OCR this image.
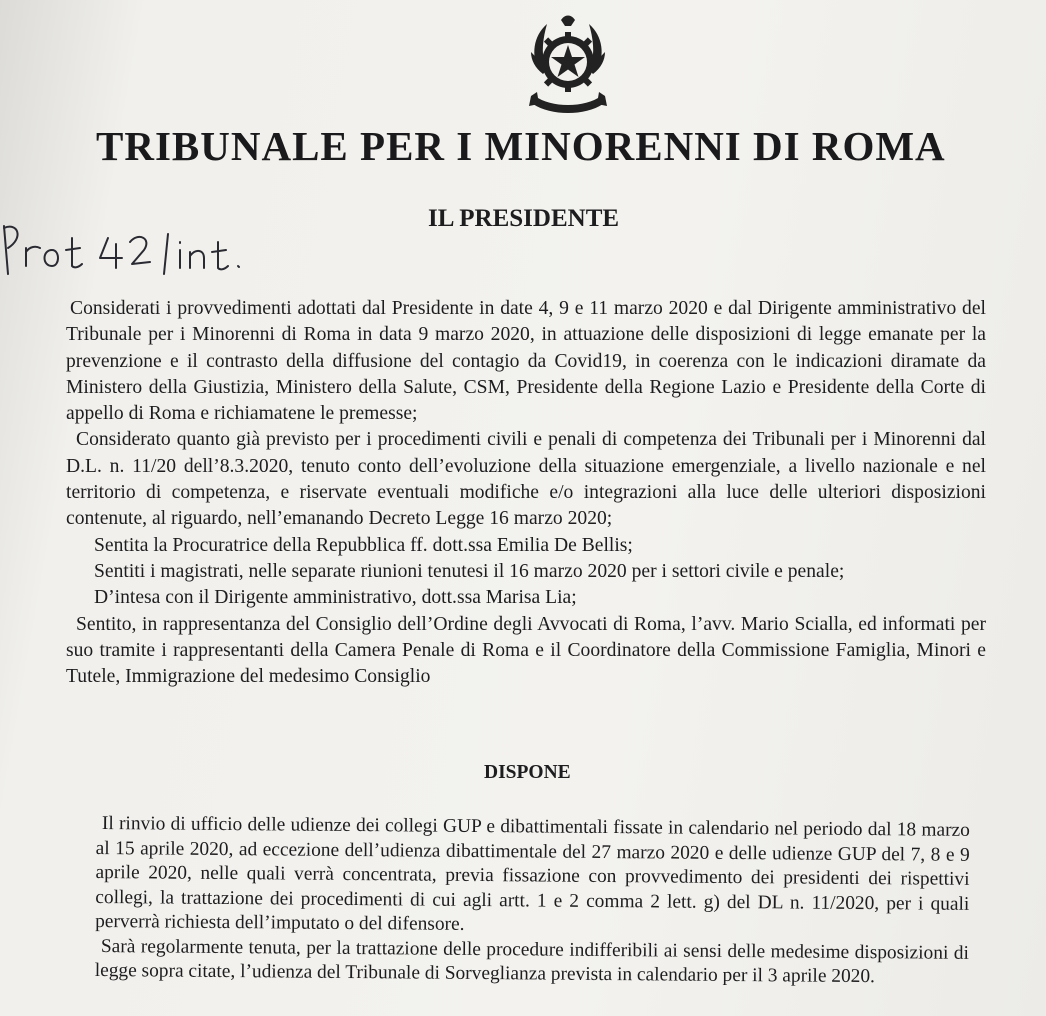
TRIBUNALE PER I MINORENNI DI ROMA
IL PRESIDENTE

Considerati i provvedimenti adottati dal Presidente in date 4, 9 e 11 marzo 2020 e dal Dirigente amministrativo del Tribunale per i Minorenni di Roma in data 9 marzo 2020, in attuazione delle disposizioni di legge emanate per la prevenzione e il contrasto della diffusione del contagio da Covid19, in coerenza con le indicazioni diramate da Ministero della Giustizia, Ministero della Salute, CSM, Presidente della Regione Lazio e Presidente della Corte di appello di Roma e richiamatene le premesse;

Considerato quanto già previsto per i procedimenti civili e penali di competenza dei Tribunali per i Minorenni dal D.L. n. 11/20 dell’8.3.2020, tenuto conto dell’evoluzione della situazione emergenziale, a livello nazionale e nel territorio di competenza, e riservate eventuali modifiche e/o integrazioni alla luce delle ulteriori disposizioni contenute, al riguardo, nell’emanando Decreto Legge 16 marzo 2020;

Sentita la Procuratrice della Repubblica ff. dott.ssa Emilia De Bellis;

Sentiti i magistrati, nelle separate riunioni tenutesi il 16 marzo 2020 per i settori civile e penale;

D’intesa con il Dirigente amministrativo, dott.ssa Marisa Lia;

Sentito, in rappresentanza del Consiglio dell’Ordine degli Avvocati di Roma, l’avv. Mario Scialla, ed informati per suo tramite i rappresentanti della Camera Penale di Roma e il Coordinatore della Commissione Famiglia, Minori e Tutele, Immigrazione del medesimo Consiglio

DISPONE

Il rinvio di ufficio delle udienze dei collegi GUP e dibattimentali fissate in calendario nel periodo dal 18 marzo al 15 aprile 2020, ad eccezione dell’udienza dibattimentale del 27 marzo 2020 e delle udienze GUP del 7, 8 e 9 aprile 2020, nelle quali verrà concentrata, previa fissazione con provvedimento dei presidenti dei rispettivi collegi, la trattazione dei procedimenti di cui agli artt. 1 e 2 comma 2 lett. g) del DL n. 11/2020, per i quali perverrà richiesta dell’imputato o del difensore.

Sarà regolarmente tenuta, per la trattazione delle procedure indifferibili ai sensi delle medesime disposizioni di legge sopra citate, l’udienza del Tribunale di Sorveglianza prevista in calendario per il 3 aprile 2020.
